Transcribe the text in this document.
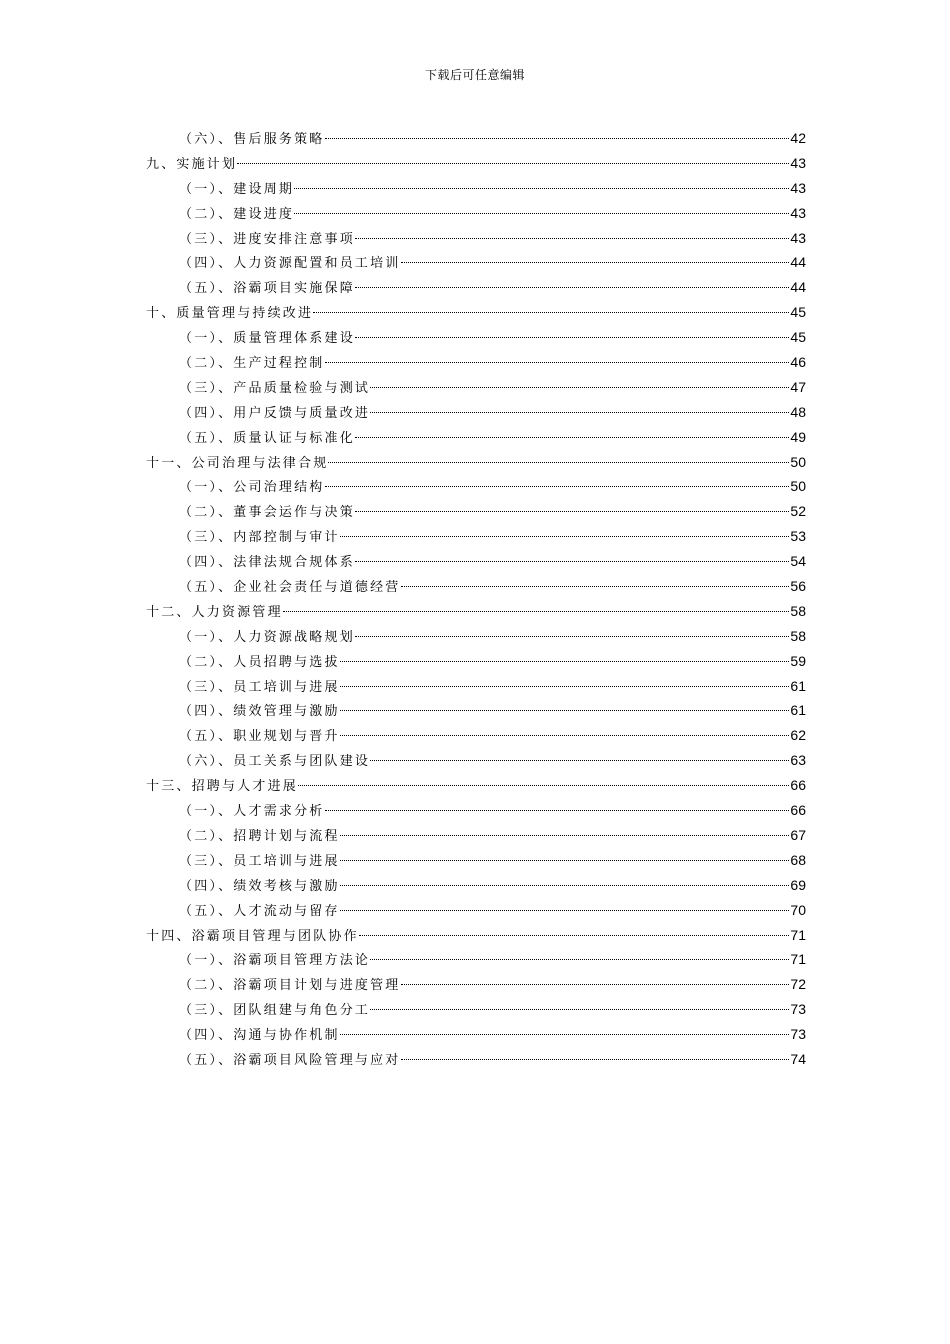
下载后可任意编辑
（六）、售后服务策略	42
九、实施计划	43
（一）、建设周期	43
（二）、建设进度	43
（三）、进度安排注意事项	43
（四）、人力资源配置和员工培训	44
（五）、浴霸项目实施保障	44
十、质量管理与持续改进	45
（一）、质量管理体系建设	45
（二）、生产过程控制	46
（三）、产品质量检验与测试	47
（四）、用户反馈与质量改进	48
（五）、质量认证与标准化	49
十一、公司治理与法律合规	50
（一）、公司治理结构	50
（二）、董事会运作与决策	52
（三）、内部控制与审计	53
（四）、法律法规合规体系	54
（五）、企业社会责任与道德经营	56
十二、人力资源管理	58
（一）、人力资源战略规划	58
（二）、人员招聘与选拔	59
（三）、员工培训与进展	61
（四）、绩效管理与激励	61
（五）、职业规划与晋升	62
（六）、员工关系与团队建设	63
十三、招聘与人才进展	66
（一）、人才需求分析	66
（二）、招聘计划与流程	67
（三）、员工培训与进展	68
（四）、绩效考核与激励	69
（五）、人才流动与留存	70
十四、浴霸项目管理与团队协作	71
（一）、浴霸项目管理方法论	71
（二）、浴霸项目计划与进度管理	72
（三）、团队组建与角色分工	73
（四）、沟通与协作机制	73
（五）、浴霸项目风险管理与应对	74
